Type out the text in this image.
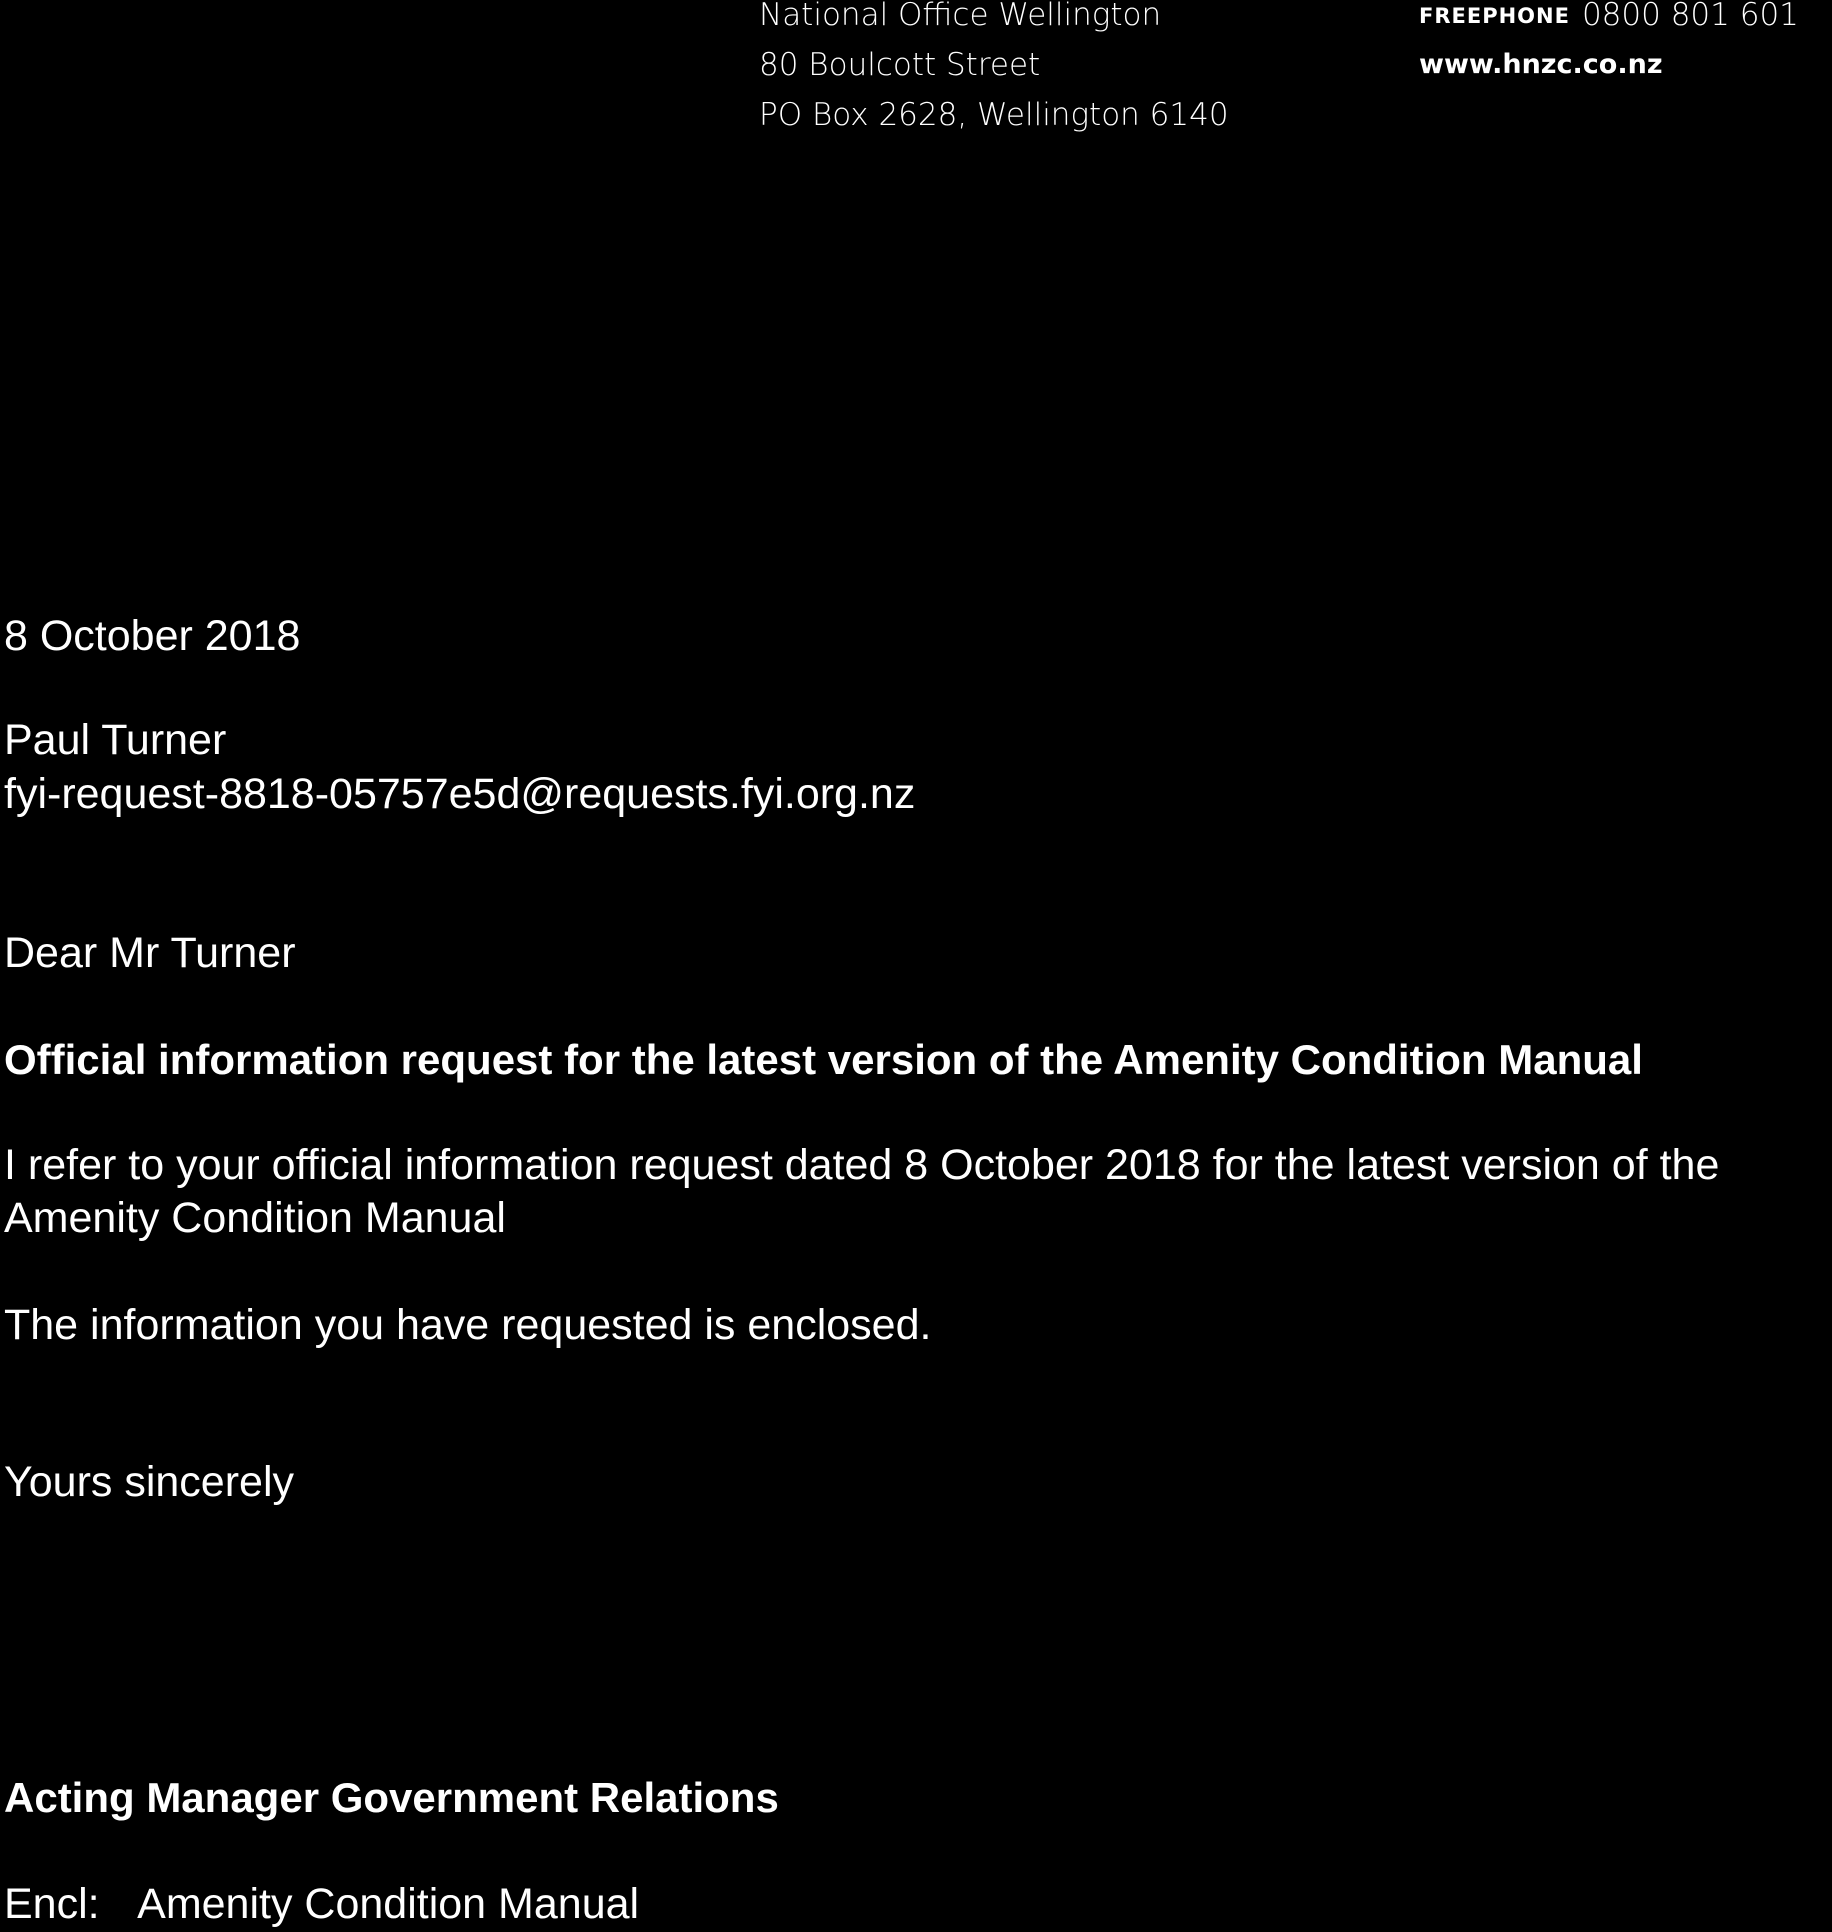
National Office Wellington
80 Boulcott Street
PO Box 2628, Wellington 6140
FREEPHONE 0800 801 601
www.hnzc.co.nz
8 October 2018
Paul Turner
fyi-request-8818-05757e5d@requests.fyi.org.nz
Dear Mr Turner
Official information request for the latest version of the Amenity Condition Manual
I refer to your official information request dated 8 October 2018 for the latest version of the
Amenity Condition Manual
The information you have requested is enclosed.
Yours sincerely
Acting Manager Government Relations
Encl: Amenity Condition Manual
